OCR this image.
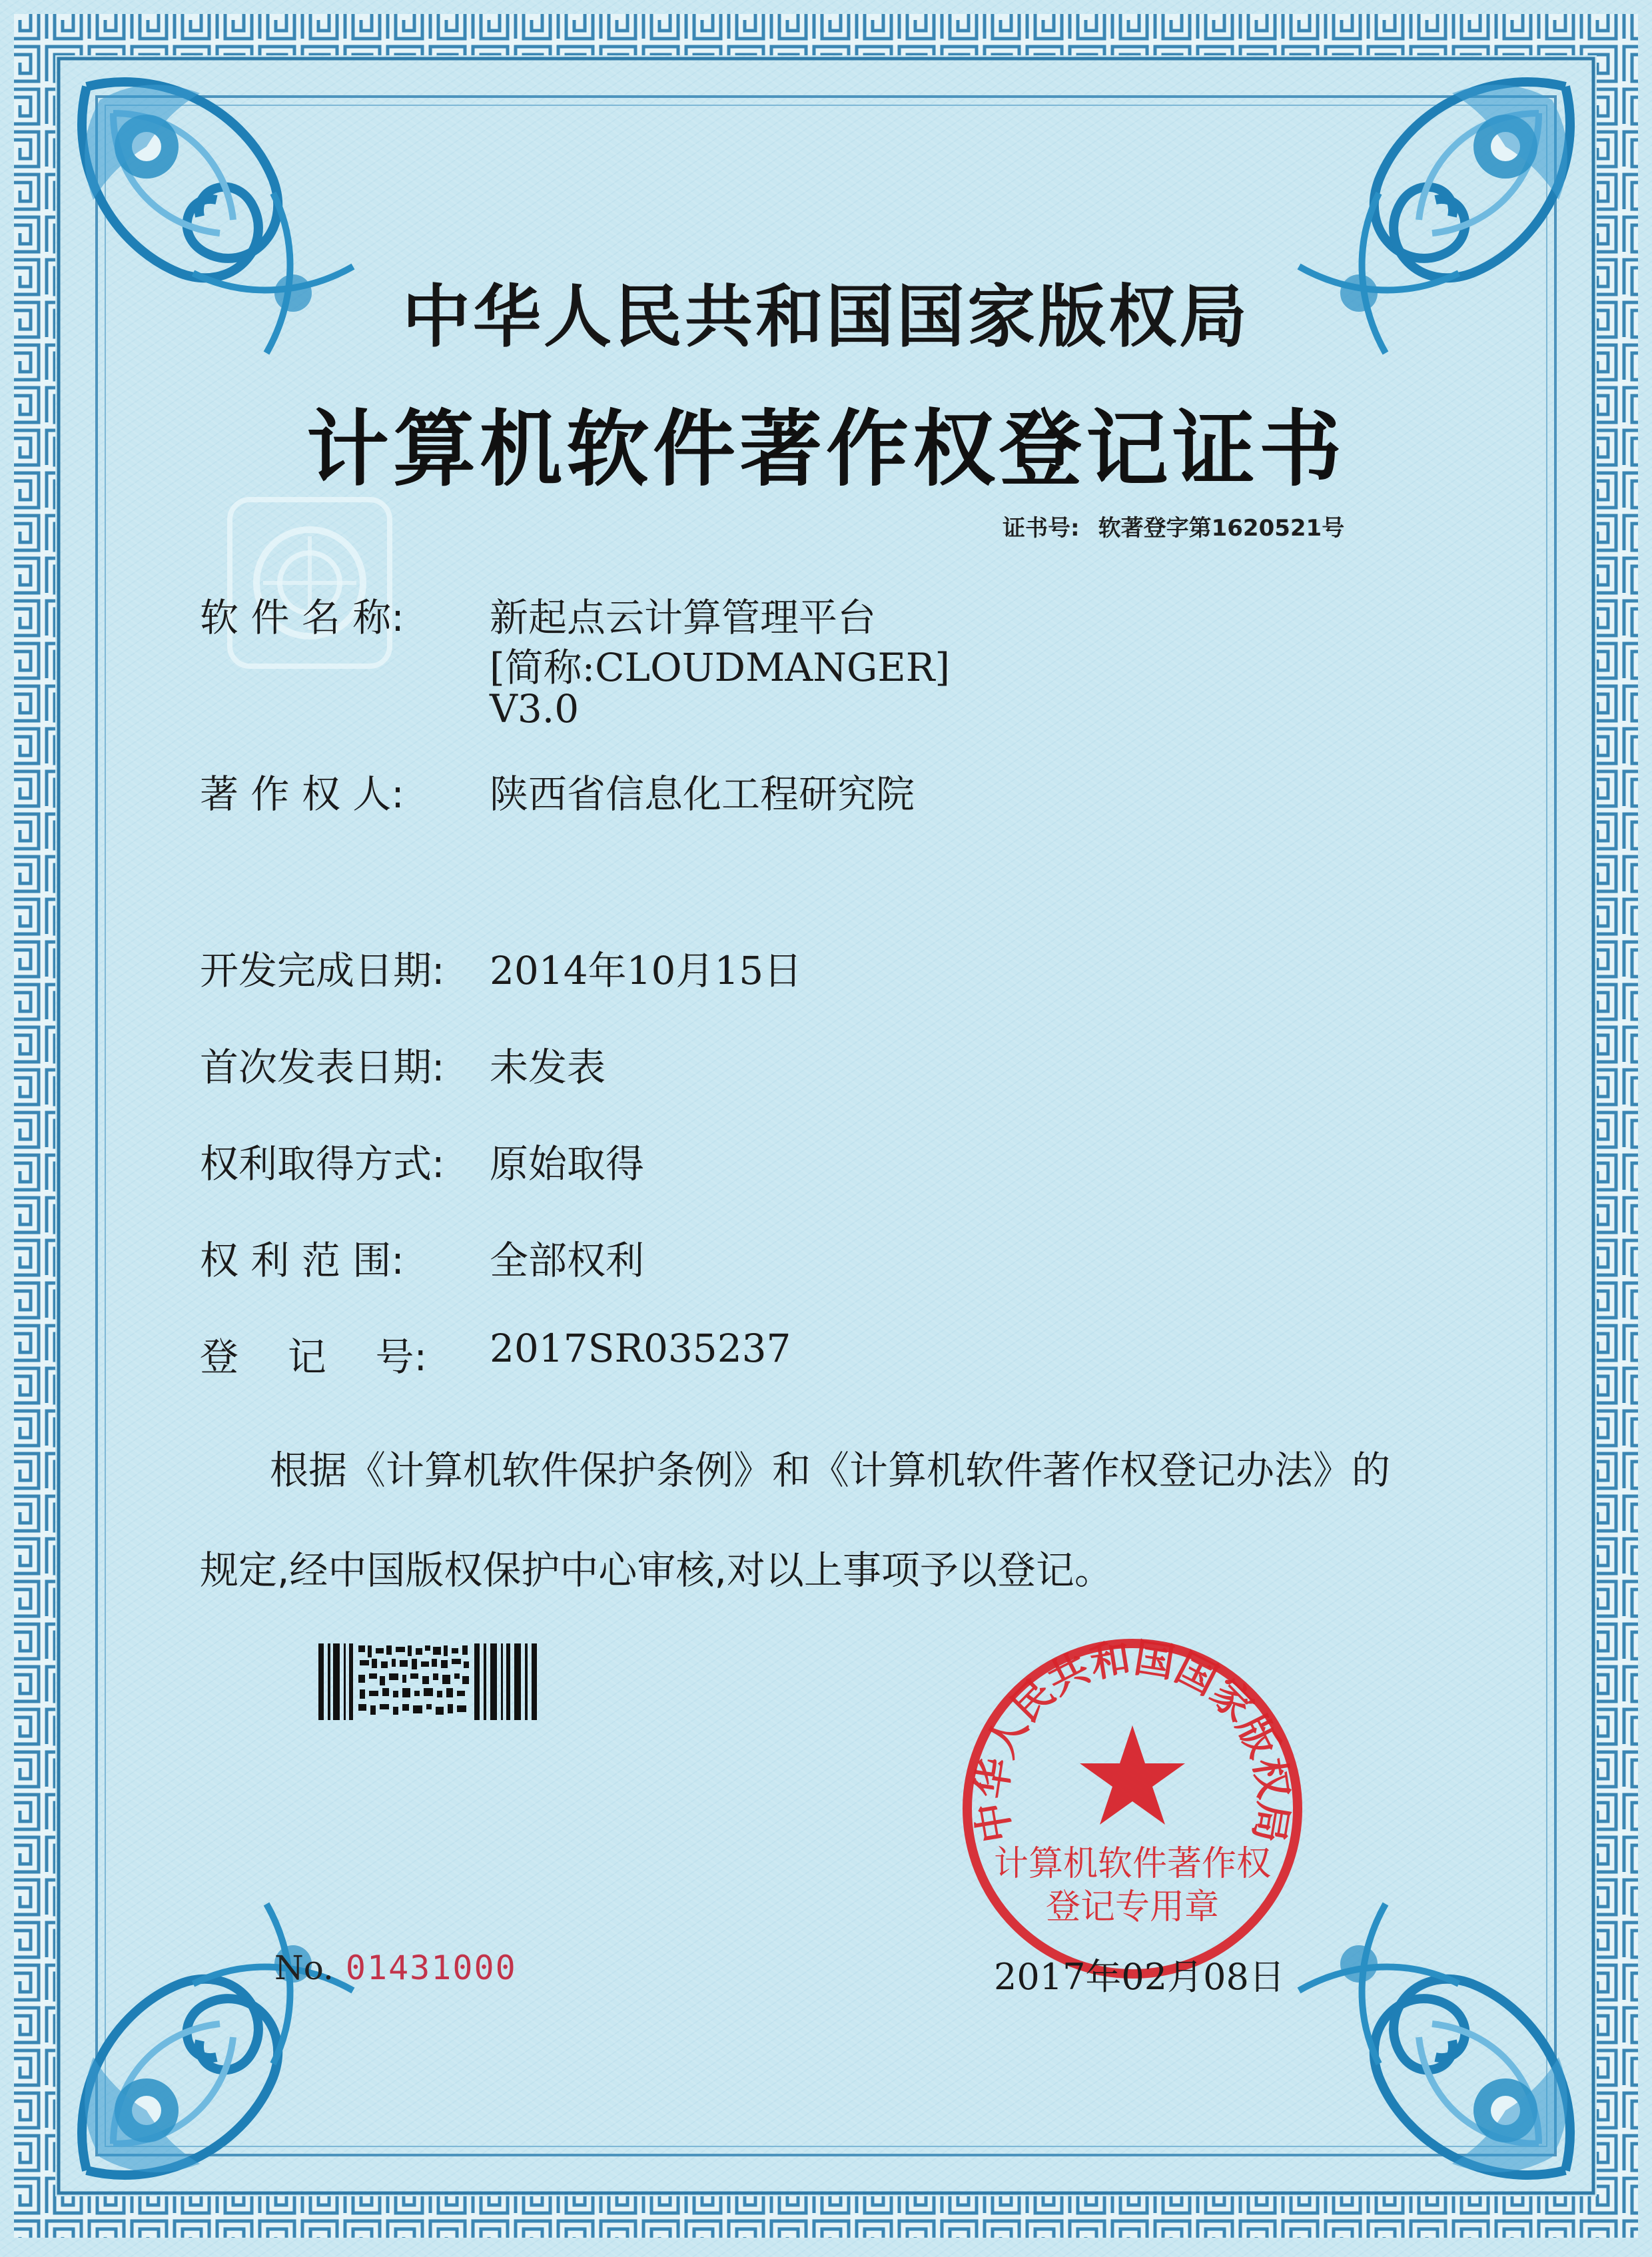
中华人民共和国国家版权局
计算机软件著作权登记证书
证书号: 软著登字第1620521号
软 件 名 称: 新起点云计算管理平台
[简称:CLOUDMANGER]
V3.0
著 作 权 人: 陕西省信息化工程研究院
开发完成日期: 2014年10月15日
首次发表日期: 未发表
权利取得方式: 原始取得
权 利 范 围: 全部权利
登    记    号: 2017SR035237
根据《计算机软件保护条例》和《计算机软件著作权登记办法》的
规定,经中国版权保护中心审核,对以上事项予以登记。
中华人民共和国国家版权局
计算机软件著作权
登记专用章
No. 01431000	2017年02月08日
